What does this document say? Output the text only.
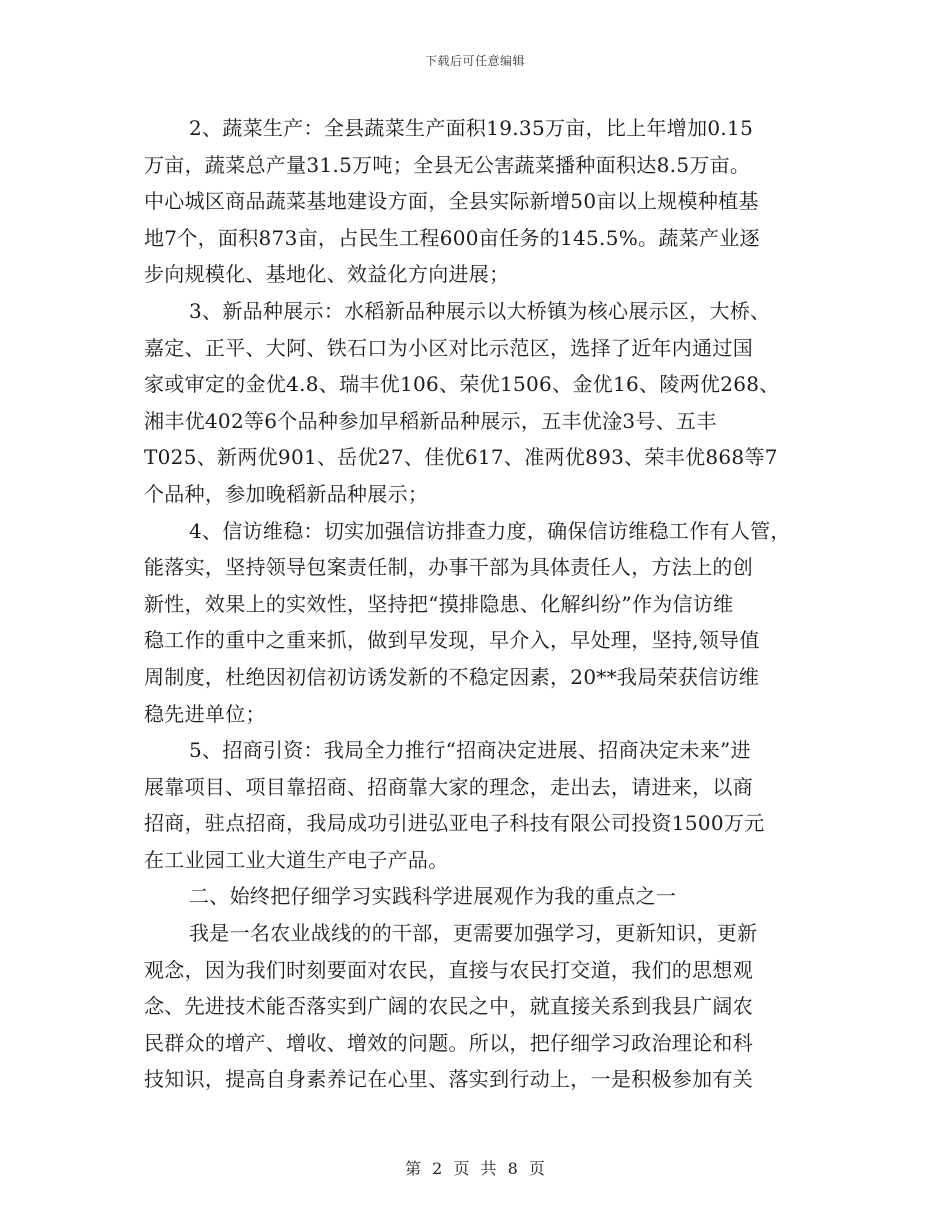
下载后可任意编辑
2、蔬菜生产：全县蔬菜生产面积19.35万亩，比上年增加0.15
万亩，蔬菜总产量31.5万吨；全县无公害蔬菜播种面积达8.5万亩。
中心城区商品蔬菜基地建设方面，全县实际新增50亩以上规模种植基
地7个，面积873亩，占民生工程600亩任务的145.5%。蔬菜产业逐
步向规模化、基地化、效益化方向进展；
3、新品种展示：水稻新品种展示以大桥镇为核心展示区，大桥、
嘉定、正平、大阿、铁石口为小区对比示范区，选择了近年内通过国
家或审定的金优4.8、瑞丰优106、荣优1506、金优16、陵两优268、
湘丰优402等6个品种参加早稻新品种展示，五丰优淦3号、五丰
T025、新两优901、岳优27、佳优617、准两优893、荣丰优868等7
个品种，参加晚稻新品种展示；
4、信访维稳：切实加强信访排查力度，确保信访维稳工作有人管，
能落实，坚持领导包案责任制，办事干部为具体责任人，方法上的创
新性，效果上的实效性，坚持把“摸排隐患、化解纠纷”作为信访维
稳工作的重中之重来抓，做到早发现，早介入，早处理，坚持,领导值
周制度，杜绝因初信初访诱发新的不稳定因素，20**我局荣获信访维
稳先进单位；
5、招商引资：我局全力推行“招商决定进展、招商决定未来”进
展靠项目、项目靠招商、招商靠大家的理念，走出去，请进来，以商
招商，驻点招商，我局成功引进弘亚电子科技有限公司投资1500万元
在工业园工业大道生产电子产品。
二、始终把仔细学习实践科学进展观作为我的重点之一
我是一名农业战线的的干部，更需要加强学习，更新知识，更新
观念，因为我们时刻要面对农民，直接与农民打交道，我们的思想观
念、先进技术能否落实到广阔的农民之中，就直接关系到我县广阔农
民群众的增产、增收、增效的问题。所以，把仔细学习政治理论和科
技知识，提高自身素养记在心里、落实到行动上，一是积极参加有关
第 2 页 共 8 页
